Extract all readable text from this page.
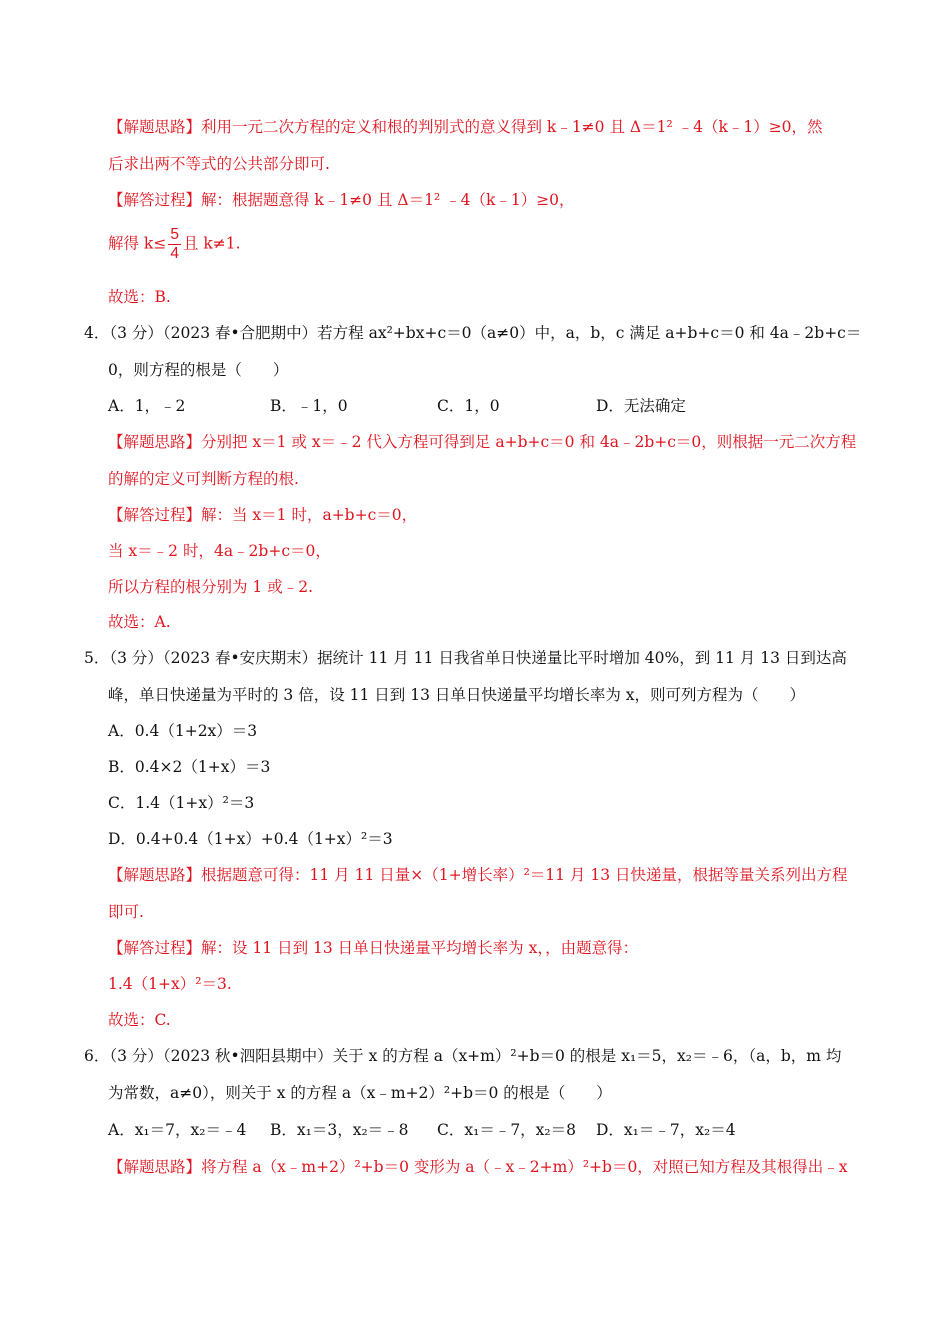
【解题思路】利用一元二次方程的定义和根的判别式的意义得到 k﹣1≠0 且 Δ＝1² ﹣4（k﹣1）≥0，然
后求出两不等式的公共部分即可.
【解答过程】解：根据题意得 k﹣1≠0 且 Δ＝1² ﹣4（k﹣1）≥0，
解得 $k\le \frac{5}{4}$ 且 k≠1.
故选：B.
4．（3 分）（2023 春•合肥期中）若方程 ax²+bx+c＝0（a≠0）中，a，b，c 满足 a+b+c＝0 和 4a﹣2b+c＝
0，则方程的根是（　　）
A．1，﹣2	B．﹣1，0	C．1，0	D．无法确定
【解题思路】分别把 x＝1 或 x＝﹣2 代入方程可得到足 a+b+c＝0 和 4a﹣2b+c＝0，则根据一元二次方程
的解的定义可判断方程的根.
【解答过程】解：当 x＝1 时，a+b+c＝0，
当 x＝﹣2 时，4a﹣2b+c＝0，
所以方程的根分别为 1 或﹣2.
故选：A.
5．（3 分）（2023 春•安庆期末）据统计 11 月 11 日我省单日快递量比平时增加 40%，到 11 月 13 日到达高
峰，单日快递量为平时的 3 倍，设 11 日到 13 日单日快递量平均增长率为 x，则可列方程为（　　）
A．0.4（1+2x）＝3
B．0.4×2（1+x）＝3
C．1.4（1+x）²＝3
D．0.4+0.4（1+x）+0.4（1+x）²＝3
【解题思路】根据题意可得：11 月 11 日量×（1+增长率）²＝11 月 13 日快递量，根据等量关系列出方程
即可.
【解答过程】解：设 11 日到 13 日单日快递量平均增长率为 x，，由题意得：
1.4（1+x）²＝3.
故选：C.
6．（3 分）（2023 秋•泗阳县期中）关于 x 的方程 a（x+m）²+b＝0 的根是 x₁＝5，x₂＝﹣6，（a，b，m 均
为常数，a≠0），则关于 x 的方程 a（x﹣m+2）²+b＝0 的根是（　　）
A．x₁＝7，x₂＝﹣4 B．x₁＝3，x₂＝﹣8 C．x₁＝﹣7，x₂＝8 D．x₁＝﹣7，x₂＝4
【解题思路】将方程 a（x﹣m+2）²+b＝0 变形为 a（﹣x﹣2+m）²+b＝0，对照已知方程及其根得出﹣x
